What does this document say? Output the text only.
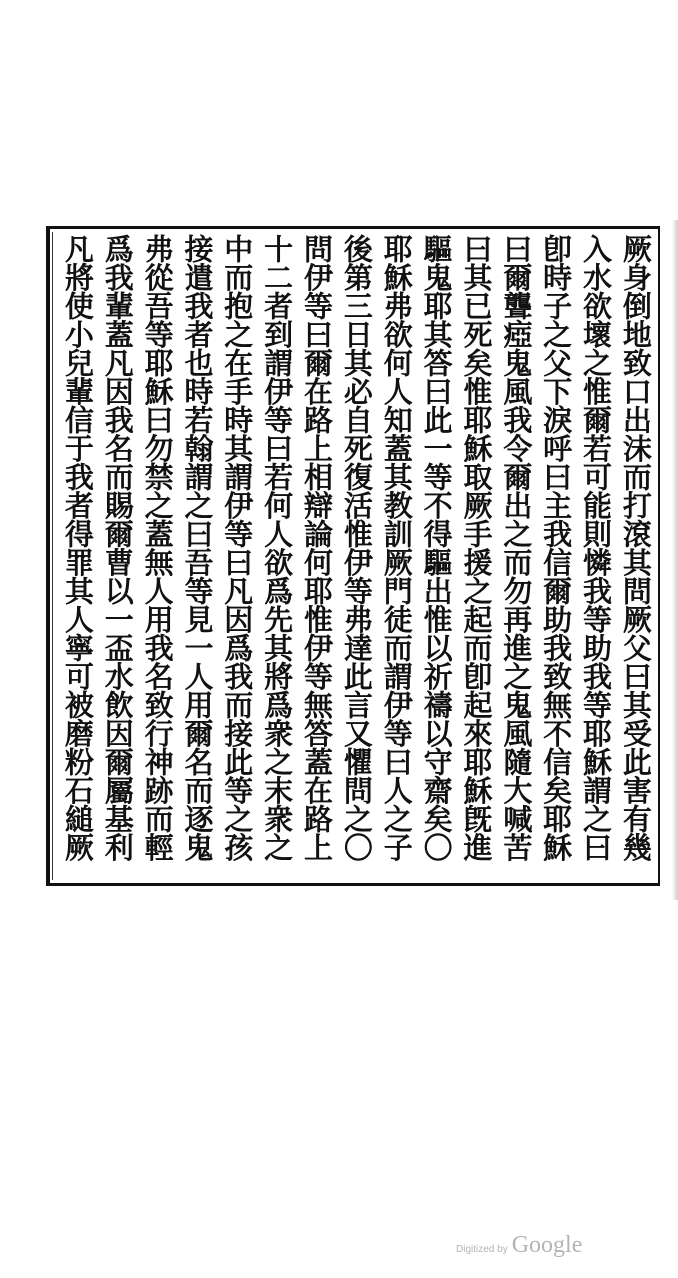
厥身倒地致口出沫而打滾其問厥父曰其受此害有幾
入水欲壞之惟爾若可能則憐我等助我等耶穌謂之曰
卽時子之父下淚呼曰主我信爾助我致無不信矣耶穌
曰爾聾瘂鬼風我令爾出之而勿再進之鬼風隨大喊苦
曰其已死矣惟耶穌取厥手援之起而卽起來耶穌旣進
驅鬼耶其答曰此一等不得驅出惟以祈禱以守齋矣〇
耶穌弗欲何人知蓋其教訓厥門徒而謂伊等曰人之子
後第三日其必自死復活惟伊等弗達此言又懼問之〇
問伊等曰爾在路上相辯論何耶惟伊等無答蓋在路上
十二者到謂伊等曰若何人欲爲先其將爲衆之末衆之
中而抱之在手時其謂伊等曰凡因爲我而接此等之孩
接遣我者也時若翰謂之曰吾等見一人用爾名而逐鬼
弗從吾等耶穌曰勿禁之蓋無人用我名致行神跡而輕
爲我輩蓋凡因我名而賜爾曹以一盃水飲因爾屬基利
凡將使小兒輩信于我者得罪其人寧可被磨粉石縋厥
Digitized by Google
